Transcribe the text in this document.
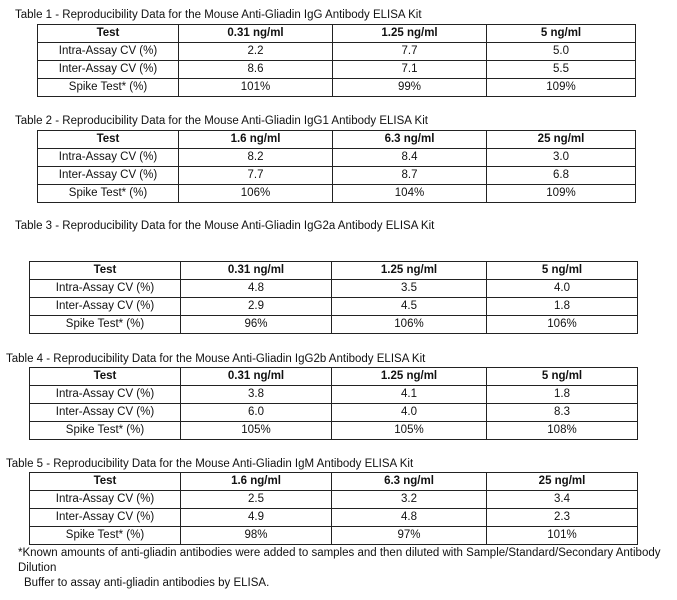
Table 1 - Reproducibility Data for the Mouse Anti-Gliadin IgG Antibody ELISA Kit
Test	0.31 ng/ml	1.25 ng/ml	5 ng/ml
Intra-Assay CV (%)	2.2	7.7	5.0
Inter-Assay CV (%)	8.6	7.1	5.5
Spike Test* (%)	101%	99%	109%
Table 2 - Reproducibility Data for the Mouse Anti-Gliadin IgG1 Antibody ELISA Kit
Test	1.6 ng/ml	6.3 ng/ml	25 ng/ml
Intra-Assay CV (%)	8.2	8.4	3.0
Inter-Assay CV (%)	7.7	8.7	6.8
Spike Test* (%)	106%	104%	109%
Table 3 - Reproducibility Data for the Mouse Anti-Gliadin IgG2a Antibody ELISA Kit
Test	0.31 ng/ml	1.25 ng/ml	5 ng/ml
Intra-Assay CV (%)	4.8	3.5	4.0
Inter-Assay CV (%)	2.9	4.5	1.8
Spike Test* (%)	96%	106%	106%
Table 4 - Reproducibility Data for the Mouse Anti-Gliadin IgG2b Antibody ELISA Kit
Test	0.31 ng/ml	1.25 ng/ml	5 ng/ml
Intra-Assay CV (%)	3.8	4.1	1.8
Inter-Assay CV (%)	6.0	4.0	8.3
Spike Test* (%)	105%	105%	108%
Table 5 - Reproducibility Data for the Mouse Anti-Gliadin IgM Antibody ELISA Kit
Test	1.6 ng/ml	6.3 ng/ml	25 ng/ml
Intra-Assay CV (%)	2.5	3.2	3.4
Inter-Assay CV (%)	4.9	4.8	2.3
Spike Test* (%)	98%	97%	101%
*Known amounts of anti-gliadin antibodies were added to samples and then diluted with Sample/Standard/Secondary Antibody Dilution
Buffer to assay anti-gliadin antibodies by ELISA.
